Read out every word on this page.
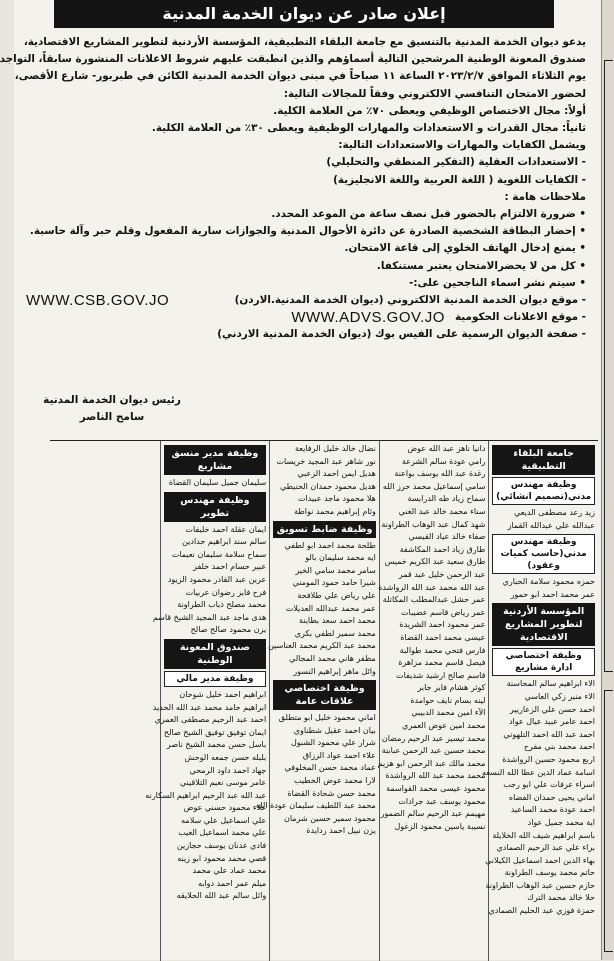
إعلان صادر عن ديوان الخدمة المدنية

يدعو ديوان الخدمة المدنية بالتنسيق مع جامعة البلقاء التطبيقية، المؤسسة الأردنية لتطوير المشاريع الاقتصادية،

صندوق المعونة الوطنية المرشحين التالية أسماؤهم والذين انطبقت عليهم شروط الاعلانات المنشورة سابقاً، التواجد

يوم الثلاثاء الموافق ٢٠٢٣/٢/٧ الساعة ١١ صباحاً في مبنى ديوان الخدمة المدنية الكائن في طبربور- شارع الأقصى،

لحضور الامتحان التنافسي الالكتروني وفقاً للمجالات التالية:

أولاً: مجال الاختصاص الوظيفي ويعطى ٧٠٪ من العلامة الكلية.

ثانياً: مجال القدرات و الاستعدادات والمهارات الوظيفية ويعطى ٣٠٪ من العلامة الكلية.

ويشمل الكفايات والمهارات والاستعدادات التالية:

- الاستعدادات العقلية (التفكير المنطقي والتحليلي)

- الكفايات اللغوية ( اللغة العربية واللغة الانجليزية)

ملاحظات هامة :

• ضرورة الالتزام بالحضور قبل نصف ساعة من الموعد المحدد.

• إحضار البطاقة الشخصية الصادرة عن دائرة الأحوال المدنية والجوازات سارية المفعول وقلم حبر وآلة حاسبة.

• يمنع إدخال الهاتف الخلوي إلى قاعة الامتحان.

• كل من لا يحضرالامتحان يعتبر مستنكفا.

• سيتم نشر اسماء الناجحين على:-

- موقع ديوان الخدمة المدنية الالكتروني (ديوان الخدمة المدنية.الاردن)
WWW.CSB.GOV.JO

- موقع الاعلانات الحكومية
WWW.ADVS.GOV.JO

- صفحة الديوان الرسمية على الفيس بوك (ديوان الخدمة المدنية الاردني)

رئيس ديوان الخدمة المدنية
سامح الناصر
جامعة البلقاء التطبيقية
وظيفة مهندس مدني(تصميم انشائي)
زيد رعد مصطفى الديعي
عبدالله علي عبدالله القماز
وظيفة مهندس مدني(حاسب كميات وعقود)
حمزه محمود سلامة الحباري
عمر محمد احمد ابو حمور
المؤسسة الأردنية لتطوير المشاريع الاقتصادية
وظيفة اختصاصي ادارة مشاريع
الاء ابراهيم سالم المحاسنة
الاء منير زكي العاسي
احمد حسن علي الزعاريير
احمد عامر عبيد عيال عواد
احمد عبد الله احمد التلهوني
احمد محمد بني مفرح
اربع محمود حسين الرواشدة
اسامة عماد الدين عطا الله النسعه
اسراء عرفات علي ابو رجب
اماني يحيى حمدان الفضاه
احمد عودة محمد الساعيد
اية محمد جميل عواد
باسم ابراهيم شيف الله الخلايلة
براء علي عبد الرحيم الصمادي
بهاء الدين احمد اسماعيل الكيلاني
حاتم محمد يوسف الطراونة
حازم حسين عبد الوهاب الطراونة
حلا خالد محمد الترك
حمزة فوزي عبد الحليم الصمادي
دانيا ناهز عبد الله عوض
رامي عودة سالم الشرعة
رغدة عبد الله يوسف بواعنة
سامي إسماعيل محمد حرز الله
سماح زياد طه الدرايسة
سناء محمد خالد عبد الغني
شهد كمال عبد الوهاب الطراونة
صفاء خالد عياد القيسي
طارق زياد احمد المكاشفة
طارق سعيد عبد الكريم خميس
عبد الرحمن خليل عبد قمر
عبد الله محمد عبد الله الرواشدة
عمر حشل عبدالمطلب المكاتلة
عمر رياض قاسم عضيبات
عمر محمود احمد الشريدة
عيسى محمد احمد القضاة
فارس فتحي محمد طوالبة
فيصل قاسم محمد مزاهرة
قاسم صالح ارشيد شديفات
كوثر هشام فايز جابر
لينه بسام نايف حوامدة
الآء امين محمد الدبيبي
محمد امين عوض العمري
محمد تيسير عبد الرحيم رمضان
محمد حسين عبد الرحمن عبابنة
محمد مالك عبد الرحمن ابو هزيم
محمد محمد عبد الله الرواشدة
محمود عيسى محمد القواسمة
محمود يوسف عبد جرادات
مهيمم عبد الرحيم سالم الضمور
نسيبة ياسين محمود الزغول
نضال خالد خليل الرفايعة
نور شاهر عبد المجيد خريسات
هديل ايمن احمد الزعبي
هديل محمود حمدان الحنيطي
هلا محمود ماجد عبيدات
وئام إبراهيم محمد نواطة
وظيفة ضابط تسويق
طلحة محمد احمد ابو لطفي
ايه محمد سليمان بالو
سامر محمد سامي الخير
شيرا حامد حمود المومني
علي رياض علي طلافحة
عمر محمد عبدالله العديلات
محمد احمد سعد بطاينة
محمد سمير لطفي بكري
محمد عبد الكريم محمد العناسين
مظفر هاني محمد المجالي
وائل ماهر إبراهيم النسور
وظيفة اختصاصي علاقات عامة
اماني محمود خليل ابو متطلق
بيان احمد عقيل شطناوي
شرار علي محمود الشبول
علاء احمد عواد الرزاق
عماد محمد حسن المخلوفي
لارا محمد عوض الخطيب
محمد حسن شحادة القضاة
محمد عبد اللطيف سليمان عودة الله
محمود سمير حسين شرمان
يزن نبيل احمد ردايدة
وظيفة مدير منسق مشاريع
سليمان جميل سليمان القضاة
وظيفة مهندس تطوير
ايمان عقلة احمد خليفات
سالم سند ابراهيم حدادين
سماح سلامة سليمان نعيمات
عبير حسام احمد خلفر
عرين عبد القادر محمود الزيود
فرح فايز رضوان عربيات
محمد مصلح ذياب الطراونة
هدى ماجد عبد المجيد الشيخ قاسم
يزن محمود صالح صالح
صندوق المعونة الوطنية
وظيفة مدير مالي
ابراهيم احمد خليل شوحان
ابراهيم حامد محمد عبد الله الحديد
احمد عبد الرحيم مصطفى العمري
ايمان توفيق توفيق الشيخ صالح
باسل حسن محمد الشيخ ناصر
بلبله حسن جمعه الوحش
جهاد احمد داود الرمحي
عامر موسى نعيم التلاقيني
عبد الله عبد الرحيم ابراهيم السكارنه
علاء محمود حسني عوض
علي اسماعيل علي سلامه
علي محمد اسماعيل الغيب
فادي عدنان يوسف حجازين
قصي محمد محمود ابو زينه
محمد عماد علي محمد
ميلم عمر احمد دوابه
وائل سالم عبد الله الحلايقه
